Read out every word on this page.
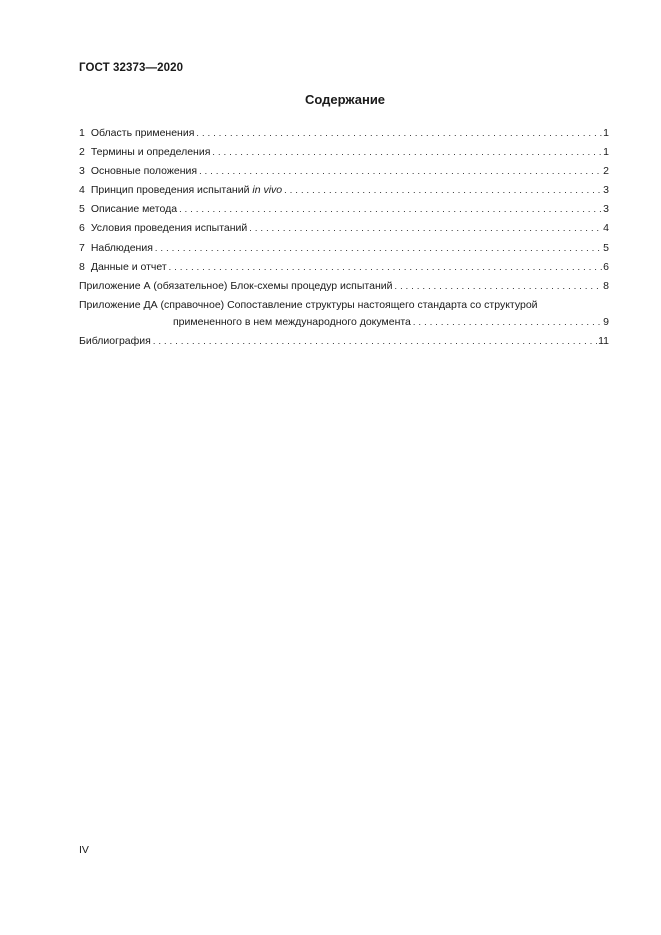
ГОСТ 32373—2020
Содержание
1 Область применения . . .	1
2 Термины и определения . . .	1
3 Основные положения . . .	2
4 Принцип проведения испытаний in vivo . . .	3
5 Описание метода . . .	3
6 Условия проведения испытаний . . .	4
7 Наблюдения . . .	5
8 Данные и отчет . . .	6
Приложение А (обязательное) Блок-схемы процедур испытаний . . .	8
Приложение ДА (справочное) Сопоставление структуры настоящего стандарта со структурой
примененного в нем международного документа . . .	9
Библиография . . .	11
IV
